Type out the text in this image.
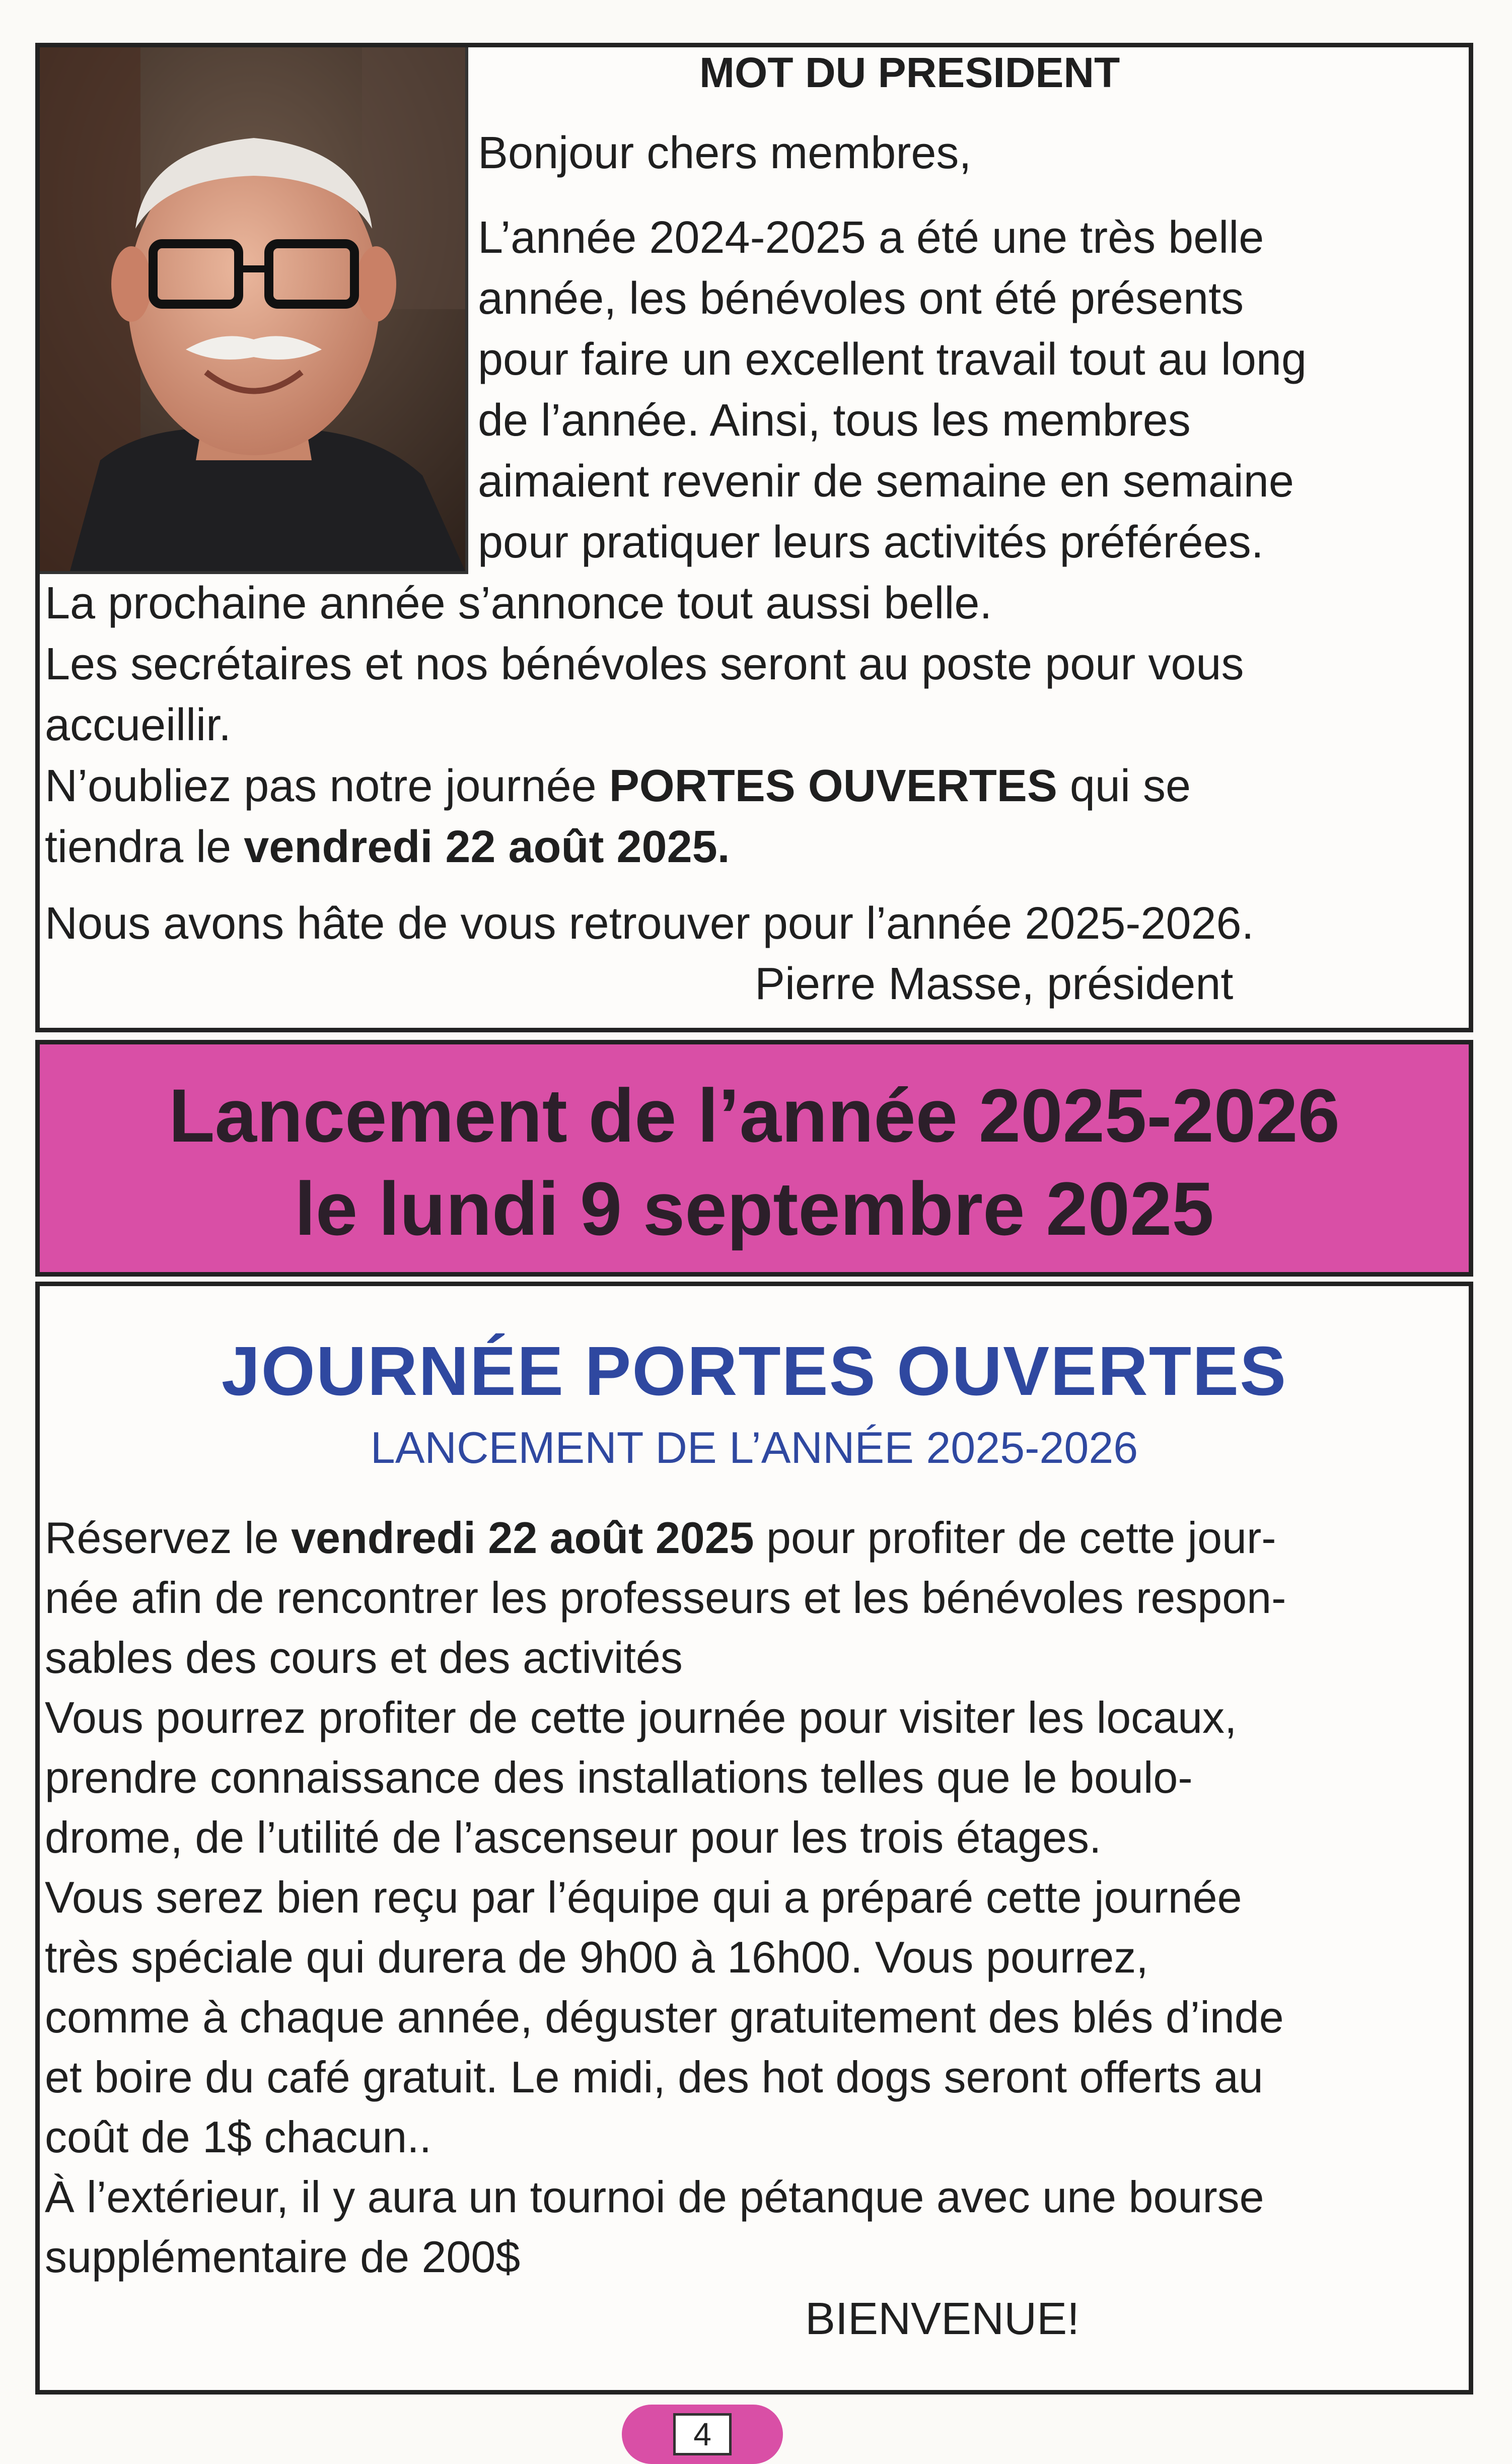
MOT DU PRESIDENT

Bonjour chers membres,

L’année 2024-2025 a été une très belle
année, les bénévoles ont été présents
pour faire un excellent travail tout au long
de l’année. Ainsi, tous les membres
aimaient revenir de semaine en semaine
pour pratiquer leurs activités préférées.
La prochaine année s’annonce tout aussi belle.
Les secrétaires et nos bénévoles seront au poste pour vous
accueillir.
N’oubliez pas notre journée PORTES OUVERTES qui se
tiendra le vendredi 22 août 2025.

Nous avons hâte de vous retrouver pour l’année 2025-2026.

Pierre Masse, président
Lancement de l’année 2025-2026
le lundi 9 septembre 2025
JOURNÉE PORTES OUVERTES
LANCEMENT DE L’ANNÉE 2025-2026
Réservez le vendredi 22 août 2025 pour profiter de cette jour-
née afin de rencontrer les professeurs et les bénévoles respon-
sables des cours et des activités
Vous pourrez profiter de cette journée pour visiter les locaux,
prendre connaissance des installations telles que le boulo-
drome, de l’utilité de l’ascenseur pour les trois étages.
Vous serez bien reçu par l’équipe qui a préparé cette journée
très spéciale qui durera de 9h00 à 16h00. Vous pourrez,
comme à chaque année, déguster gratuitement des blés d’inde
et boire du café gratuit. Le midi, des hot dogs seront offerts au
coût de 1$ chacun..
À l’extérieur, il y aura un tournoi de pétanque avec une bourse
supplémentaire de 200$
BIENVENUE!
4
